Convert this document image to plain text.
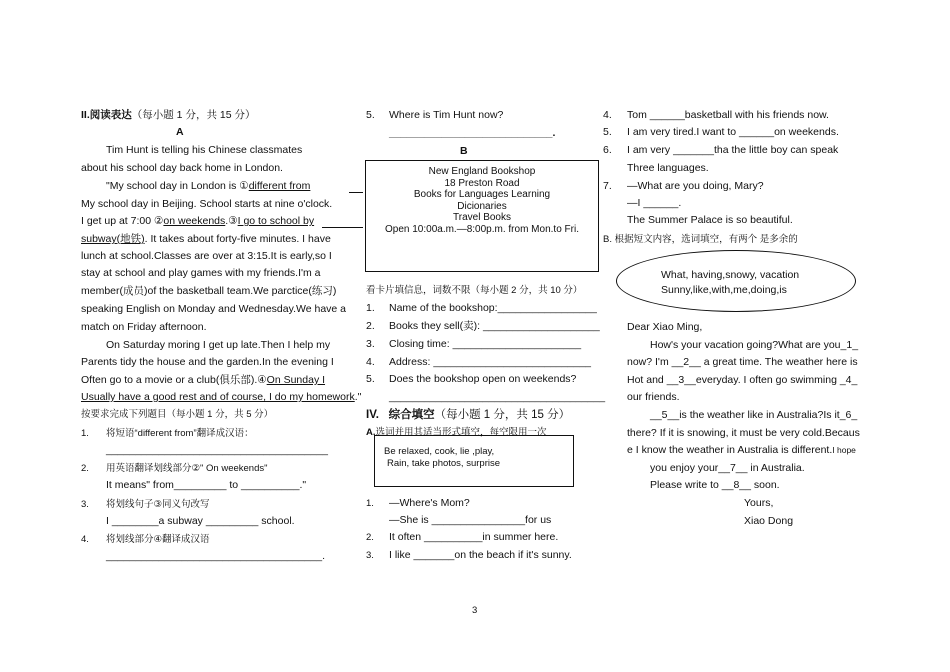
II.阅读表达（每小题 1 分，共 15 分）
A
Tim Hunt is telling his Chinese classmates
about his school day back home in London.
"My school day in London is ①different from
My school day in Beijing. School starts at nine o'clock.
I get up at 7:00 ②on weekends.③I go to school by
subway(地铁). It takes about forty-five minutes. I have
lunch at school.Classes are over at 3:15.It is early,so I
stay at school and play games with my friends.I'm a
member(成员)of the basketball team.We parctice(练习)
speaking English on Monday and Wednesday.We have a
match on Friday afternoon.
On Saturday moring I get up late.Then I help my
Parents tidy the house and the garden.In the evening I
Often go to a movie or a club(俱乐部).④On Sunday I
Usually have a good rest and of course, I do my homework."
按要求完成下列题目（每小题 1 分，共 5 分）
1. 将短语“different from”翻译成汉语：
______________________________________
2. 用英语翻译划线部分②" On weekends"
It means" from_________ to __________."
3. 将划线句子③同义句改写
I ________a subway _________ school.
4. 将划线部分④翻译成汉语
_____________________________________.
5. Where is Tim Hunt now?
____________________________.
B
New England Bookshop
18 Preston Road
Books for Languages Learning
Dicionaries
Travel Books
Open 10:00a.m.—8:00p.m. from Mon.to Fri.
看卡片填信息，词数不限（每小题 2 分，共 10 分）
1. Name of the bookshop:_________________
2. Books they sell(卖): ____________________
3. Closing time: ______________________
4. Address: ___________________________
5. Does the bookshop open on weekends?
_____________________________________
IV. 综合填空（每小题 1 分，共 15 分）
A.选词并用其适当形式填空，每空限用一次
Be relaxed, cook, lie ,play,
Rain, take photos, surprise
1. —Where's Mom?
—She is ________________for us
2. It often __________in summer here.
3. I like _______on the beach if it's sunny.
4. Tom ______basketball with his friends now.
5. I am very tired.I want to ______on weekends.
6. I am very _______tha the little boy can speak
Three languages.
7. —What are you doing, Mary?
—I ______.
The Summer Palace is so beautiful.
B. 根据短文内容，选词填空，有两个 是多余的
What, having,snowy, vacation
Sunny,like,with,me,doing,is
Dear Xiao Ming,
How's your vacation going?What are you_1_
now? I'm __2__ a great time. The weather here is
Hot and __3__everyday. I often go swimming _4_
our friends.
__5__is the weather like in Australia?Is it_6_
there? If it is snowing, it must be very cold.Becaus
e I know the weather in Australia is different.I hope
you enjoy your__7__ in Australia.
Please write to __8__ soon.
Yours,
Xiao Dong
3
